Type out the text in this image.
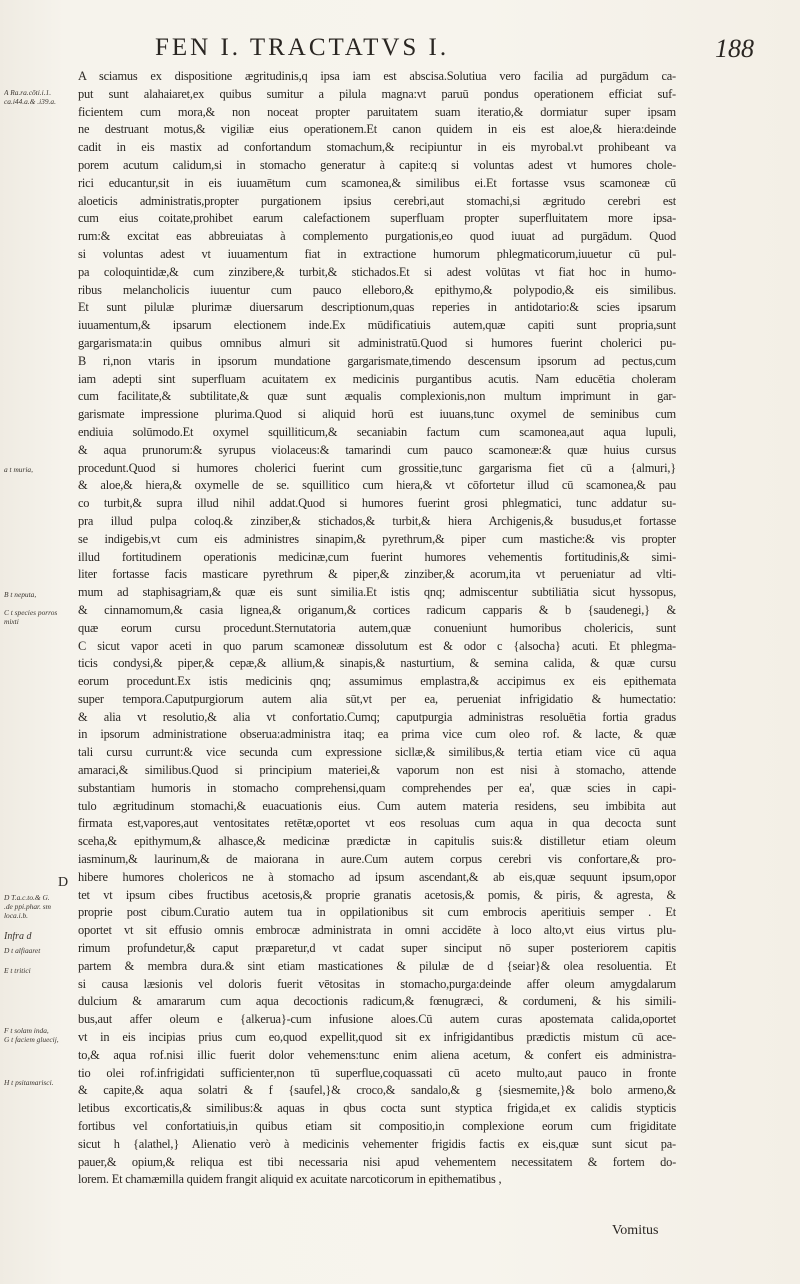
FEN I. TRACTATVS I.	188
A Ra.ra.cōti.i.1.
ca.i44.a.& .i39.a.
a t muria,
B t neputa,
C t species porros
mixti
D T.a.c.to.& G.
.de ppi.phar. sm
loca.i.b.
Infra d
D t alfiaaret
E t tritici
F t solam inda,
G t faciem gluecij,
H t psitamarisci.
D
A sciamus ex dispositione ægritudinis,q ipsa iam est abscisa.Solutiua vero facilia ad purgādum ca-
put sunt alahaiaret,ex quibus sumitur a pilula magna:vt paruū pondus operationem efficiat suf-
ficientem cum mora,& non noceat propter paruitatem suam iteratio,& dormiatur super ipsam
ne destruant motus,& vigiliæ eius operationem.Et canon quidem in eis est aloe,& hiera:deinde
cadit in eis mastix ad confortandum stomachum,& recipiuntur in eis myrobal.vt prohibeant va
porem acutum calidum,si in stomacho generatur à capite:q si voluntas adest vt humores chole-
rici educantur,sit in eis iuuamētum cum scamonea,& similibus ei.Et fortasse vsus scamoneæ cū
aloeticis administratis,propter purgationem ipsius cerebri,aut stomachi,si ægritudo cerebri est
cum eius coitate,prohibet earum calefactionem superfluam propter superfluitatem more ipsa-
rum:& excitat eas abbreuiatas à complemento purgationis,eo quod iuuat ad purgādum. Quod
si voluntas adest vt iuuamentum fiat in extractione humorum phlegmaticorum,iuuetur cū pul-
pa coloquintidæ,& cum zinzibere,& turbit,& stichados.Et si adest volūtas vt fiat hoc in humo-
ribus melancholicis iuuentur cum pauco elleboro,& epithymo,& polypodio,& eis similibus.
Et sunt pilulæ plurimæ diuersarum descriptionum,quas reperies in antidotario:& scies ipsarum
iuuamentum,& ipsarum electionem inde.Ex mūdificatiuis autem,quæ capiti sunt propria,sunt
gargarismata:in quibus omnibus almuri sit administratū.Quod si humores fuerint cholerici pu-
B ri,non vtaris in ipsorum mundatione gargarismate,timendo descensum ipsorum ad pectus,cum
iam adepti sint superfluam acuitatem ex medicinis purgantibus acutis. Nam educētia choleram
cum facilitate,& subtilitate,& quæ sunt æqualis complexionis,non multum imprimunt in gar-
garismate impressione plurima.Quod si aliquid horū est iuuans,tunc oxymel de seminibus cum
endiuia solūmodo.Et oxymel squilliticum,& secaniabin factum cum scamonea,aut aqua lupuli,
& aqua prunorum:& syrupus violaceus:& tamarindi cum pauco scamoneæ:& quæ huius cursus
procedunt.Quod si humores cholerici fuerint cum grossitie,tunc gargarisma fiet cū a {almuri,}
& aloe,& hiera,& oxymelle de se. squillitico cum hiera,& vt cōfortetur illud cū scamonea,& pau
co turbit,& supra illud nihil addat.Quod si humores fuerint grosi phlegmatici, tunc addatur su-
pra illud pulpa coloq.& zinziber,& stichados,& turbit,& hiera Archigenis,& busudus,et fortasse
se indigebis,vt cum eis administres sinapim,& pyrethrum,& piper cum mastiche:& vis propter
illud fortitudinem operationis medicinæ,cum fuerint humores vehementis fortitudinis,& simi-
liter fortasse facis masticare pyrethrum & piper,& zinziber,& acorum,ita vt perueniatur ad vlti-
mum ad staphisagriam,& quæ eis sunt similia.Et istis qnq; admiscentur subtiliātia sicut hyssopus,
& cinnamomum,& casia lignea,& origanum,& cortices radicum capparis & b {saudenegi,} &
quæ eorum cursu procedunt.Sternutatoria autem,quæ conueniunt humoribus cholericis, sunt
C sicut vapor aceti in quo parum scamoneæ dissolutum est & odor c {alsocha} acuti. Et phlegma-
ticis condysi,& piper,& cepæ,& allium,& sinapis,& nasturtium, & semina calida, & quæ cursu
eorum procedunt.Ex istis medicinis qnq; assumimus emplastra,& accipimus ex eis epithemata
super tempora.Caputpurgiorum autem alia sūt,vt per ea, perueniat infrigidatio & humectatio:
& alia vt resolutio,& alia vt confortatio.Cumq; caputpurgia administras resoluētia fortia gradus
in ipsorum administratione obserua:administra itaq; ea prima vice cum oleo rof. & lacte, & quæ
tali cursu currunt:& vice secunda cum expressione sicllæ,& similibus,& tertia etiam vice cū aqua
amaraci,& similibus.Quod si principium materiei,& vaporum non est nisi à stomacho, attende
substantiam humoris in stomacho comprehensi,quam comprehendes per ea', quæ scies in capi-
tulo ægritudinum stomachi,& euacuationis eius. Cum autem materia residens, seu imbibita aut
firmata est,vapores,aut ventositates retētæ,oportet vt eos resoluas cum aqua in qua decocta sunt
sceha,& epithymum,& alhasce,& medicinæ prædictæ in capitulis suis:& distilletur etiam oleum
iasminum,& laurinum,& de maiorana in aure.Cum autem corpus cerebri vis confortare,& pro-
hibere humores cholericos ne à stomacho ad ipsum ascendant,& ab eis,quæ sequunt ipsum,opor
tet vt ipsum cibes fructibus acetosis,& proprie granatis acetosis,& pomis, & piris, & agresta, &
proprie post cibum.Curatio autem tua in oppilationibus sit cum embrocis aperitiuis semper . Et
oportet vt sit effusio omnis embrocæ administrata in omni accidēte à loco alto,vt eius virtus plu-
rimum profundetur,& caput præparetur,d vt cadat super sinciput nō super posteriorem capitis
partem & membra dura.& sint etiam masticationes & pilulæ de d {seiar}& olea resoluentia. Et
si causa læsionis vel doloris fuerit vētositas in stomacho,purga:deinde affer oleum amygdalarum
dulcium & amararum cum aqua decoctionis radicum,& fœnugræci, & cordumeni, & his simili-
bus,aut affer oleum e {alkerua}-cum infusione aloes.Cū autem curas apostemata calida,oportet
vt in eis incipias prius cum eo,quod expellit,quod sit ex infrigidantibus prædictis mistum cū ace-
to,& aqua rof.nisi illic fuerit dolor vehemens:tunc enim aliena acetum, & confert eis administra-
tio olei rof.infrigidati sufficienter,non tū superflue,coquassati cū aceto multo,aut pauco in fronte
& capite,& aqua solatri & f {saufel,}& croco,& sandalo,& g {siesmemite,}& bolo armeno,&
letibus excorticatis,& similibus:& aquas in qbus cocta sunt styptica frigida,et ex calidis stypticis
fortibus vel confortatiuis,in quibus etiam sit compositio,in complexione eorum cum frigiditate
sicut h {alathel,} Alienatio verò à medicinis vehementer frigidis factis ex eis,quæ sunt sicut pa-
pauer,& opium,& reliqua est tibi necessaria nisi apud vehementem necessitatem & fortem do-
lorem. Et chamæmilla quidem frangit aliquid ex acuitate narcoticorum in epithematibus ,
Vomitus
